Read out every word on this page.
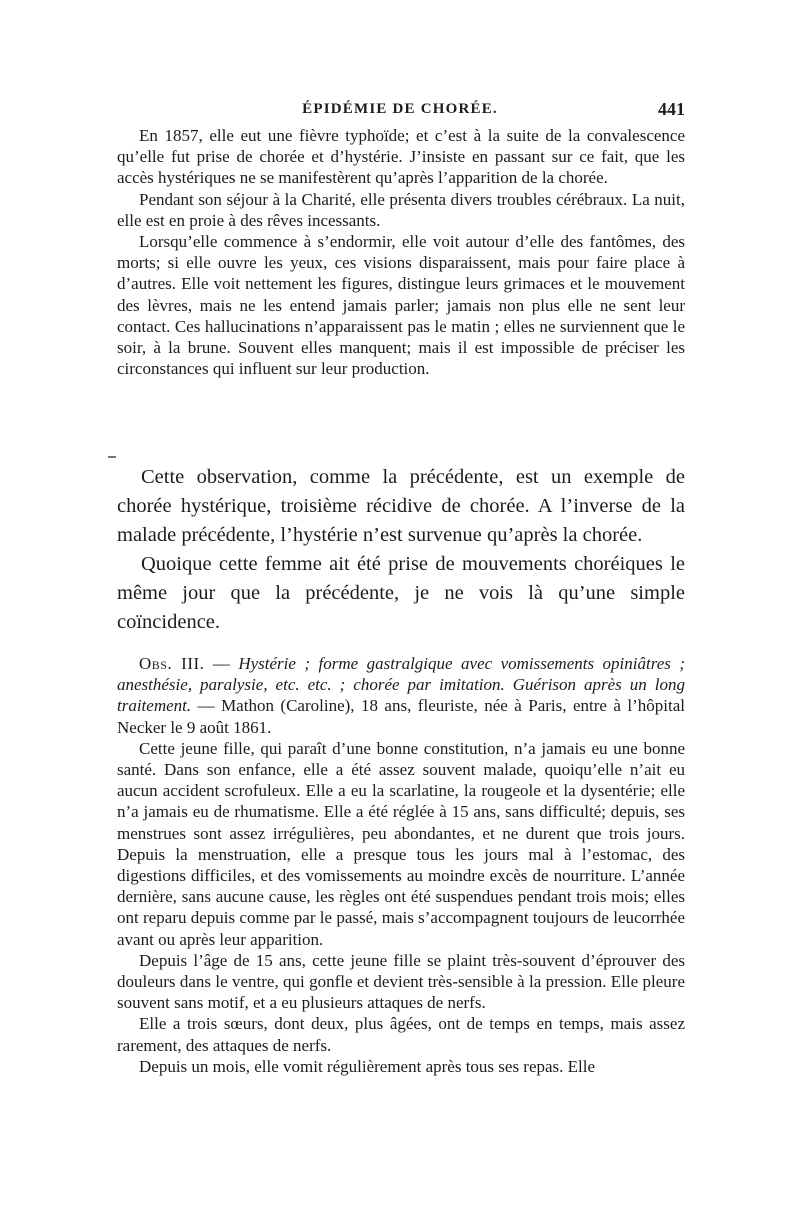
ÉPIDÉMIE DE CHORÉE.	441

En 1857, elle eut une fièvre typhoïde; et c’est à la suite de la convalescence qu’elle fut prise de chorée et d’hystérie. J’insiste en passant sur ce fait, que les accès hystériques ne se manifestèrent qu’après l’apparition de la chorée.

Pendant son séjour à la Charité, elle présenta divers troubles cérébraux. La nuit, elle est en proie à des rêves incessants.

Lorsqu’elle commence à s’endormir, elle voit autour d’elle des fantômes, des morts; si elle ouvre les yeux, ces visions disparaissent, mais pour faire place à d’autres. Elle voit nettement les figures, distingue leurs grimaces et le mouvement des lèvres, mais ne les entend jamais parler; jamais non plus elle ne sent leur contact. Ces hallucinations n’apparaissent pas le matin ; elles ne surviennent que le soir, à la brune. Souvent elles manquent; mais il est impossible de préciser les circonstances qui influent sur leur production.

Cette observation, comme la précédente, est un exemple de chorée hystérique, troisième récidive de chorée. A l’inverse de la malade précédente, l’hystérie n’est survenue qu’après la chorée.

Quoique cette femme ait été prise de mouvements choréiques le même jour que la précédente, je ne vois là qu’une simple coïncidence.

Obs. III. — Hystérie ; forme gastralgique avec vomissements opiniâtres ; anesthésie, paralysie, etc. etc. ; chorée par imitation. Guérison après un long traitement. — Mathon (Caroline), 18 ans, fleuriste, née à Paris, entre à l’hôpital Necker le 9 août 1861.

Cette jeune fille, qui paraît d’une bonne constitution, n’a jamais eu une bonne santé. Dans son enfance, elle a été assez souvent malade, quoiqu’elle n’ait eu aucun accident scrofuleux. Elle a eu la scarlatine, la rougeole et la dysentérie; elle n’a jamais eu de rhumatisme. Elle a été réglée à 15 ans, sans difficulté; depuis, ses menstrues sont assez irrégulières, peu abondantes, et ne durent que trois jours. Depuis la menstruation, elle a presque tous les jours mal à l’estomac, des digestions difficiles, et des vomissements au moindre excès de nourriture. L’année dernière, sans aucune cause, les règles ont été suspendues pendant trois mois; elles ont reparu depuis comme par le passé, mais s’accompagnent toujours de leucorrhée avant ou après leur apparition.

Depuis l’âge de 15 ans, cette jeune fille se plaint très-souvent d’éprouver des douleurs dans le ventre, qui gonfle et devient très-sensible à la pression. Elle pleure souvent sans motif, et a eu plusieurs attaques de nerfs.

Elle a trois sœurs, dont deux, plus âgées, ont de temps en temps, mais assez rarement, des attaques de nerfs.

Depuis un mois, elle vomit régulièrement après tous ses repas. Elle
